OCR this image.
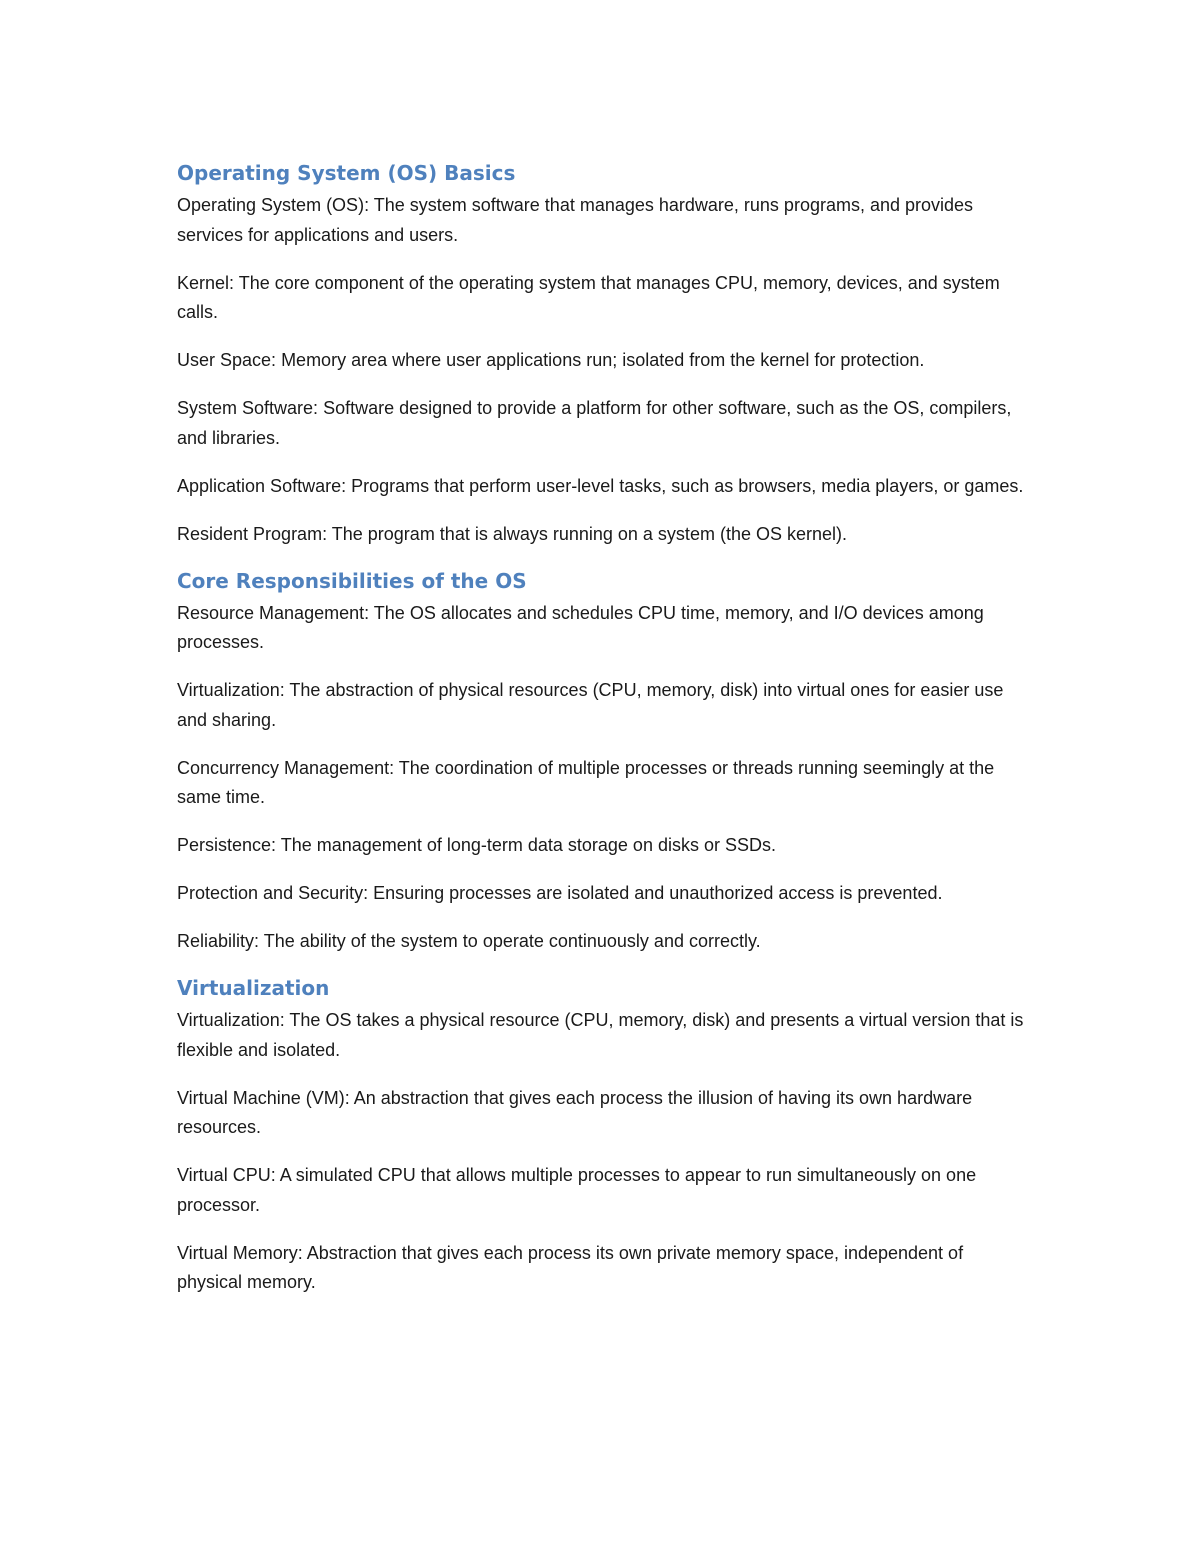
Operating System (OS) Basics

Operating System (OS) : The system software that manages hardware, runs programs, and provides services for applications and users.

Kernel : The core component of the operating system that manages CPU, memory, devices, and system calls.

User Space : Memory area where user applications run; isolated from the kernel for protection.

System Software : Software designed to provide a platform for other software, such as the OS, compilers, and libraries.

Application Software : Programs that perform user-level tasks, such as browsers, media players, or games.

Resident Program : The program that is always running on a system (the OS kernel).

Core Responsibilities of the OS

Resource Management : The OS allocates and schedules CPU time, memory, and I/O devices among processes.

Virtualization : The abstraction of physical resources (CPU, memory, disk) into virtual ones for easier use and sharing.

Concurrency Management : The coordination of multiple processes or threads running seemingly at the same time.

Persistence : The management of long-term data storage on disks or SSDs.

Protection and Security : Ensuring processes are isolated and unauthorized access is prevented.

Reliability : The ability of the system to operate continuously and correctly.

Virtualization

Virtualization : The OS takes a physical resource (CPU, memory, disk) and presents a virtual version that is flexible and isolated.

Virtual Machine (VM) : An abstraction that gives each process the illusion of having its own hardware resources.

Virtual CPU : A simulated CPU that allows multiple processes to appear to run simultaneously on one processor.

Virtual Memory : Abstraction that gives each process its own private memory space, independent of physical memory.
